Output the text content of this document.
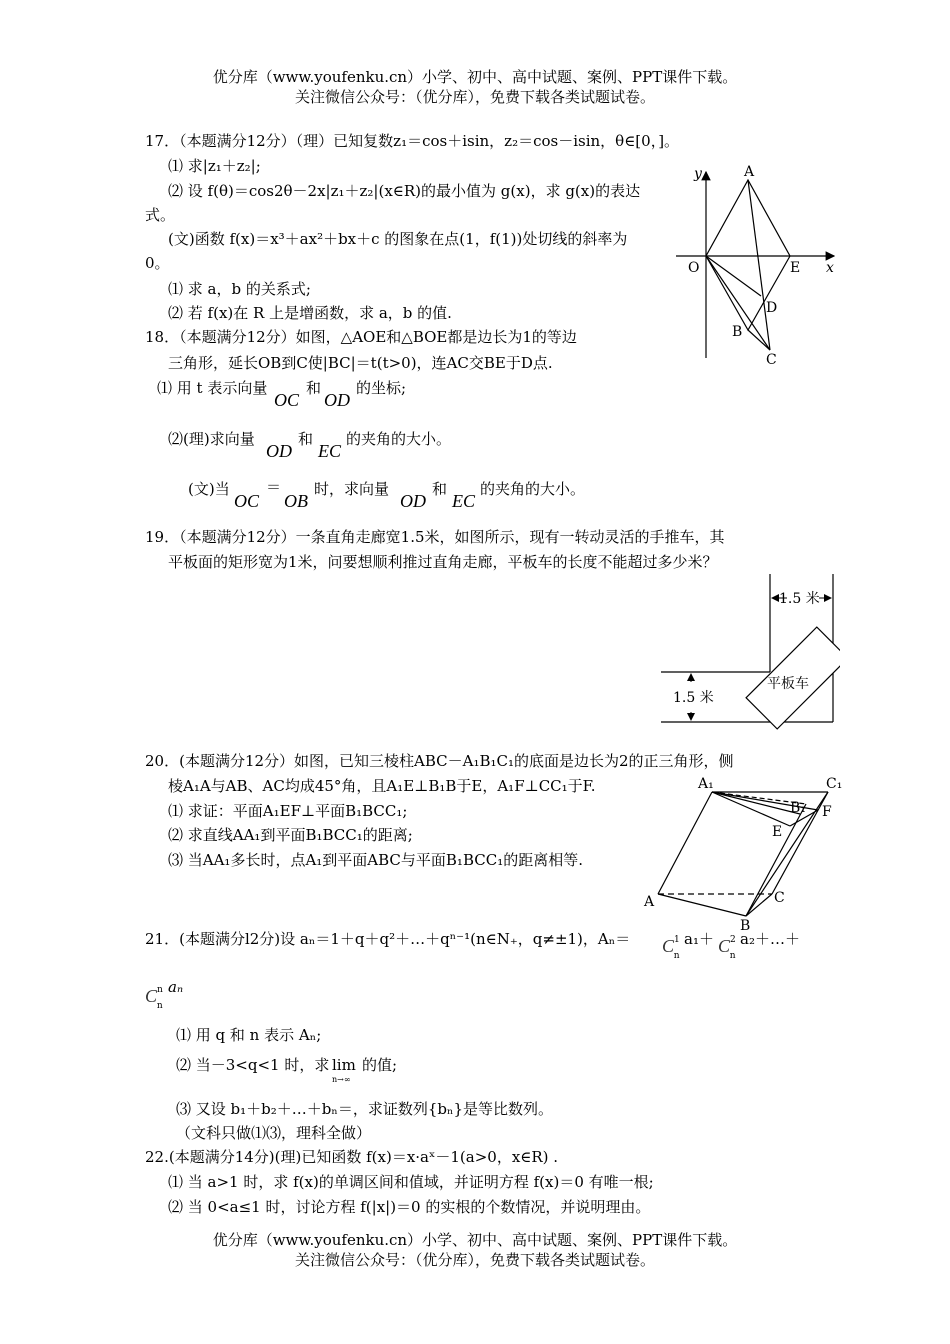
优分库（www.youfenku.cn）小学、初中、高中试题、案例、PPT课件下载。
关注微信公众号：（优分库），免费下载各类试题试卷。
17．（本题满分12分）（理）已知复数z₁＝cos＋isin，z₂＝cos－isin，θ∈[0，]。
⑴ 求|z₁＋z₂|;
⑵ 设 f(θ)＝cos2θ－2x|z₁＋z₂|(x∈R)的最小值为 g(x)，求 g(x)的表达
式。
(文)函数 f(x)＝x³＋ax²＋bx＋c 的图象在点(1，f(1))处切线的斜率为
0。
⑴ 求 a，b 的关系式;
⑵ 若 f(x)在 R 上是增函数，求 a，b 的值.
18．（本题满分12分）如图，△AOE和△BOE都是边长为1的等边
三角形，延长OB到C使|BC|＝t(t>0)，连AC交BE于D点.
⑴ 用 t 表示向量
OC
和
OD
的坐标;
⑵(理)求向量
OD
和
EC
的夹角的大小。
(文)当
OC
＝
OB
时，求向量
OD
和
EC
的夹角的大小。
y	A
O	E x
D
B
C
19．（本题满分12分）一条直角走廊宽1.5米，如图所示，现有一转动灵活的手推车，其
平板面的矩形宽为1米，问要想顺利推过直角走廊，平板车的长度不能超过多少米？
1.5 米
1.5 米
平板车
20．(本题满分12分）如图，已知三棱柱ABC－A₁B₁C₁的底面是边长为2的正三角形，侧
棱A₁A与AB、AC均成45°角，且A₁E⊥B₁B于E，A₁F⊥CC₁于F.
⑴ 求证：平面A₁EF⊥平面B₁BCC₁;
⑵ 求直线AA₁到平面B₁BCC₁的距离;
⑶ 当AA₁多长时，点A₁到平面ABC与平面B₁BCC₁的距离相等.
A₁	C₁
B₁ F
E
A	C
B
21．(本题满分l2分)设 aₙ＝1＋q＋q²＋…＋qⁿ⁻¹(n∈N₊，q≠±1)，$A_n= C^1_n$
$a_1+ C^2_n$
a₂＋…＋
$C^n_n$
aₙ
⑴ 用 q 和 n 表示 Aₙ;
⑵ 当－3<q<1 时，求 lim
n→∞
的值;
⑶ 又设 b₁＋b₂＋…＋bₙ＝，求证数列{bₙ}是等比数列。
（文科只做⑴⑶，理科全做）
22.(本题满分14分)(理)已知函数 f(x)＝x·aˣ－1(a>0，x∈R) .
⑴ 当 a>1 时，求 f(x)的单调区间和值域，并证明方程 f(x)＝0 有唯一根;
⑵ 当 0<a≤1 时，讨论方程 f(|x|)＝0 的实根的个数情况，并说明理由。
优分库（www.youfenku.cn）小学、初中、高中试题、案例、PPT课件下载。
关注微信公众号：（优分库），免费下载各类试题试卷。
